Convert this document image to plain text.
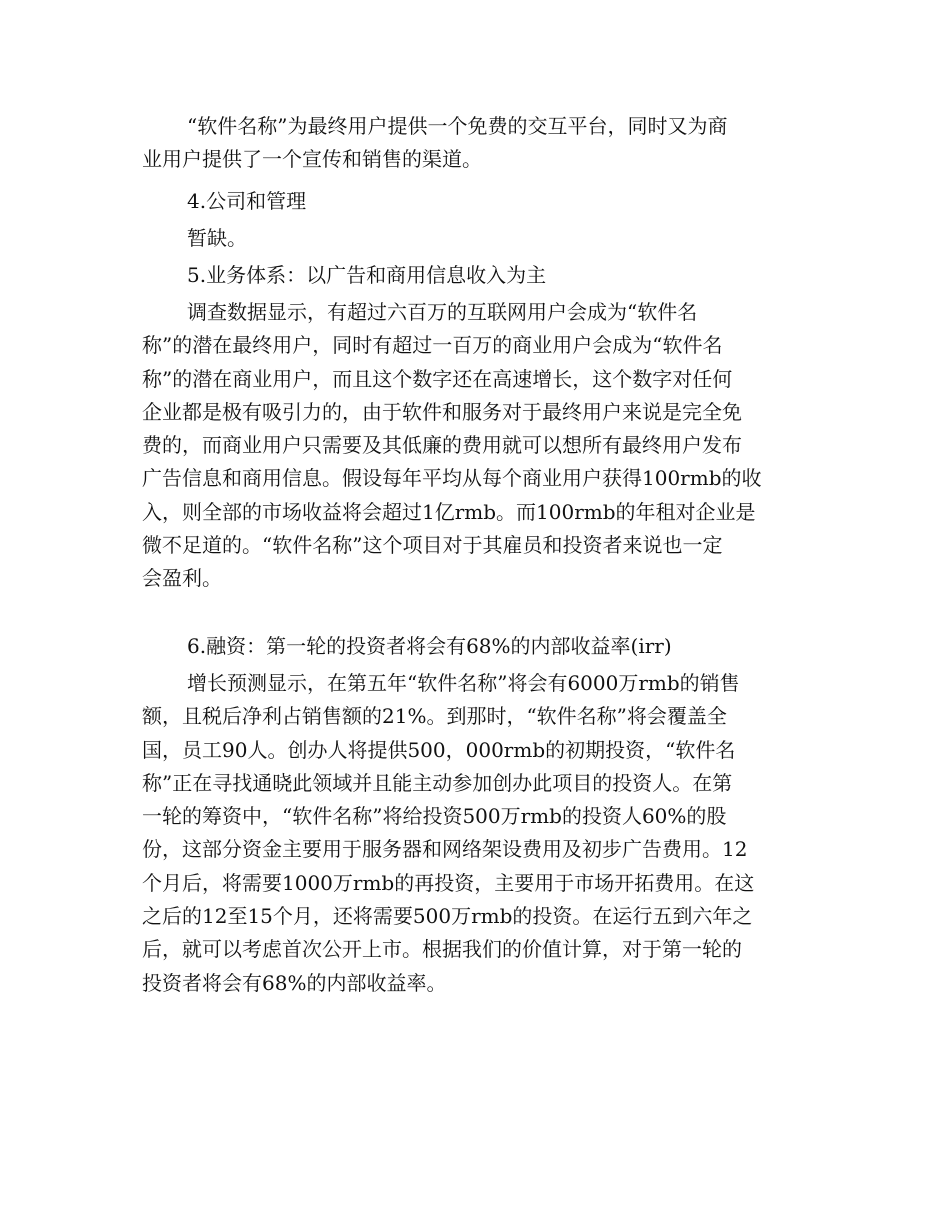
“软件名称”为最终用户提供一个免费的交互平台，同时又为商
业用户提供了一个宣传和销售的渠道。

4.公司和管理

暂缺。

5.业务体系：以广告和商用信息收入为主

调查数据显示，有超过六百万的互联网用户会成为“软件名
称”的潜在最终用户，同时有超过一百万的商业用户会成为“软件名
称”的潜在商业用户，而且这个数字还在高速增长，这个数字对任何
企业都是极有吸引力的，由于软件和服务对于最终用户来说是完全免
费的，而商业用户只需要及其低廉的费用就可以想所有最终用户发布
广告信息和商用信息。假设每年平均从每个商业用户获得100rmb的收
入，则全部的市场收益将会超过1亿rmb。而100rmb的年租对企业是
微不足道的。“软件名称”这个项目对于其雇员和投资者来说也一定
会盈利。

6.融资：第一轮的投资者将会有68%的内部收益率(irr)

增长预测显示，在第五年“软件名称”将会有6000万rmb的销售
额，且税后净利占销售额的21%。到那时，“软件名称”将会覆盖全
国，员工90人。创办人将提供500，000rmb的初期投资，“软件名
称”正在寻找通晓此领域并且能主动参加创办此项目的投资人。在第
一轮的筹资中，“软件名称”将给投资500万rmb的投资人60%的股
份，这部分资金主要用于服务器和网络架设费用及初步广告费用。12
个月后，将需要1000万rmb的再投资，主要用于市场开拓费用。在这
之后的12至15个月，还将需要500万rmb的投资。在运行五到六年之
后，就可以考虑首次公开上市。根据我们的价值计算，对于第一轮的
投资者将会有68%的内部收益率。
